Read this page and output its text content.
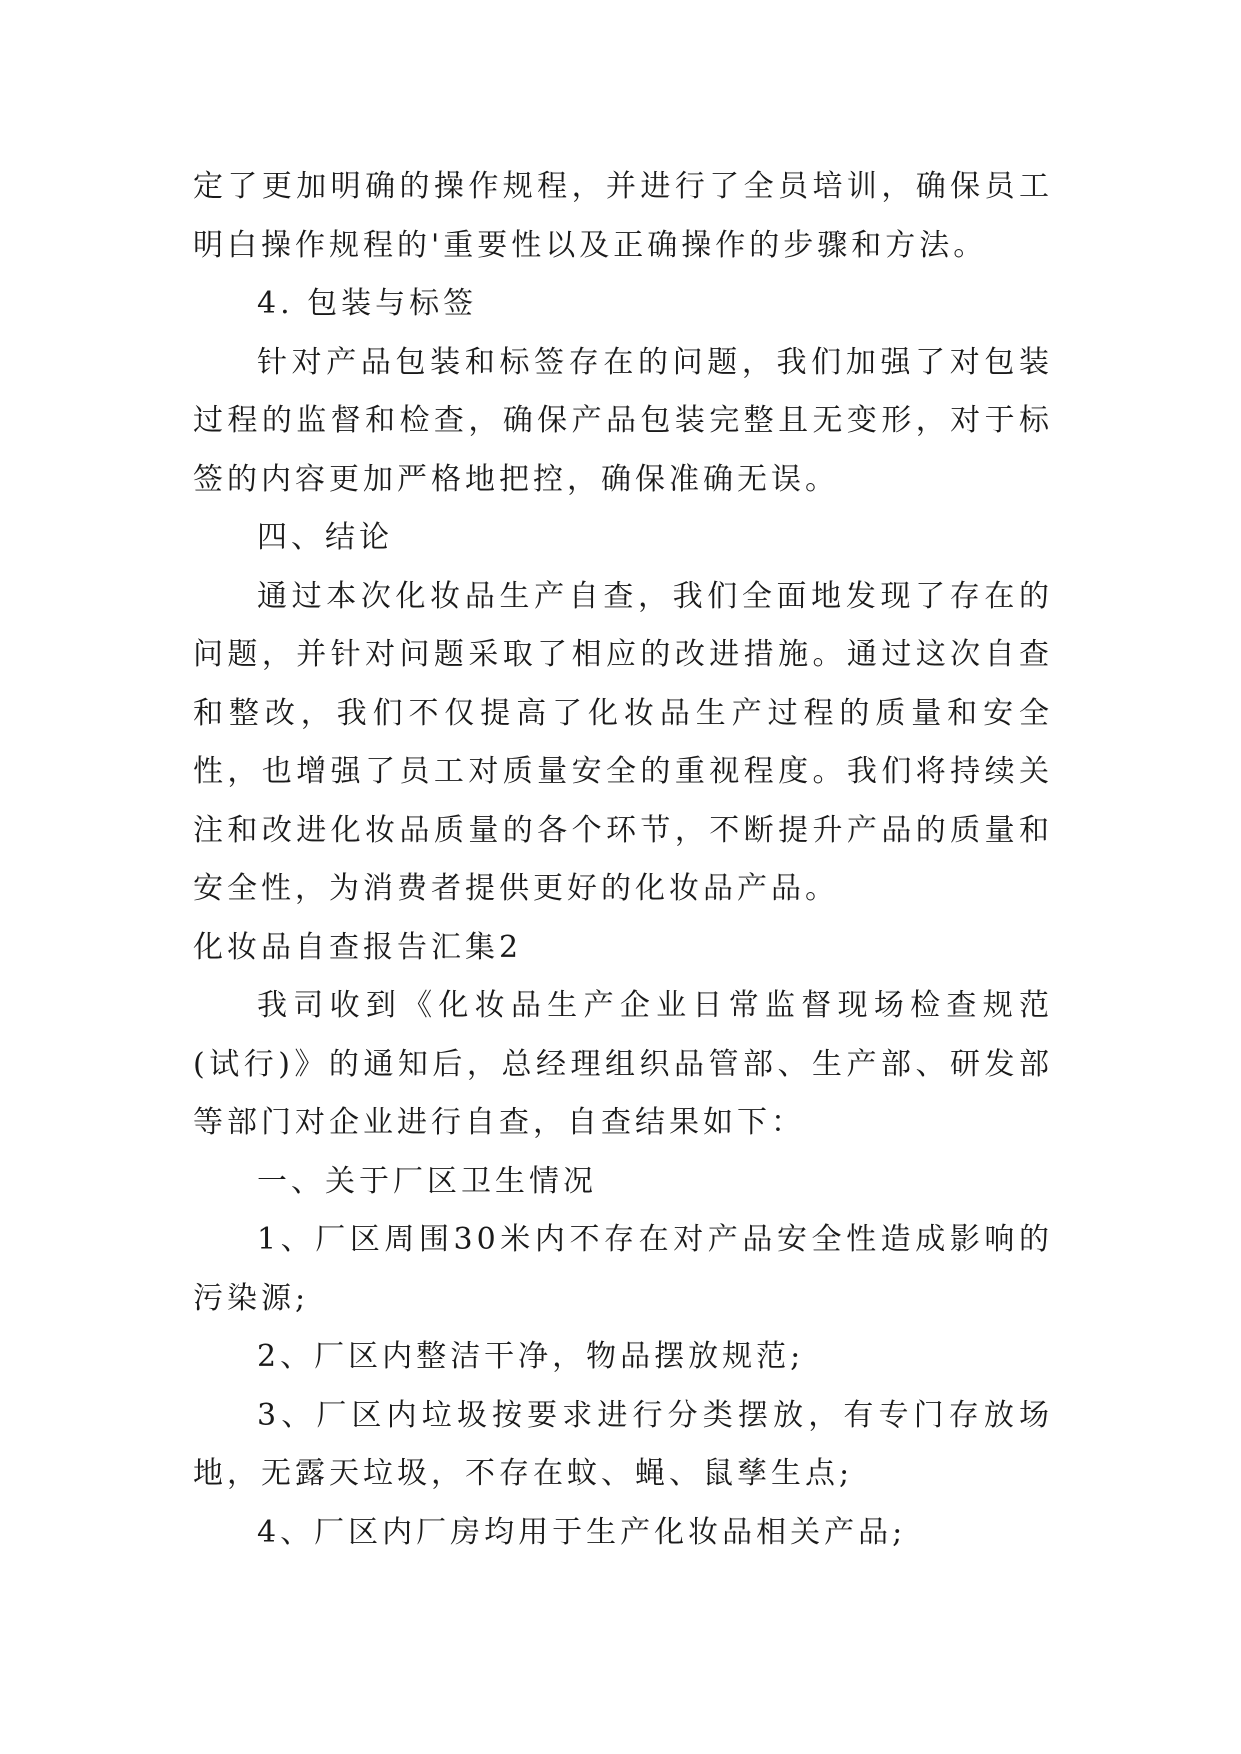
定了更加明确的操作规程，并进行了全员培训，确保员工明白操作规程的'重要性以及正确操作的步骤和方法。

4. 包装与标签

针对产品包装和标签存在的问题，我们加强了对包装过程的监督和检查，确保产品包装完整且无变形，对于标签的内容更加严格地把控，确保准确无误。

四、结论

通过本次化妆品生产自查，我们全面地发现了存在的问题，并针对问题采取了相应的改进措施。通过这次自查和整改，我们不仅提高了化妆品生产过程的质量和安全性，也增强了员工对质量安全的重视程度。我们将持续关注和改进化妆品质量的各个环节，不断提升产品的质量和安全性，为消费者提供更好的化妆品产品。

化妆品自查报告汇集2

我司收到《化妆品生产企业日常监督现场检查规范(试行)》的通知后，总经理组织品管部、生产部、研发部等部门对企业进行自查，自查结果如下：

一、关于厂区卫生情况

1、厂区周围30米内不存在对产品安全性造成影响的污染源;

2、厂区内整洁干净，物品摆放规范;

3、厂区内垃圾按要求进行分类摆放，有专门存放场地，无露天垃圾，不存在蚊、蝇、鼠孳生点;

4、厂区内厂房均用于生产化妆品相关产品;
